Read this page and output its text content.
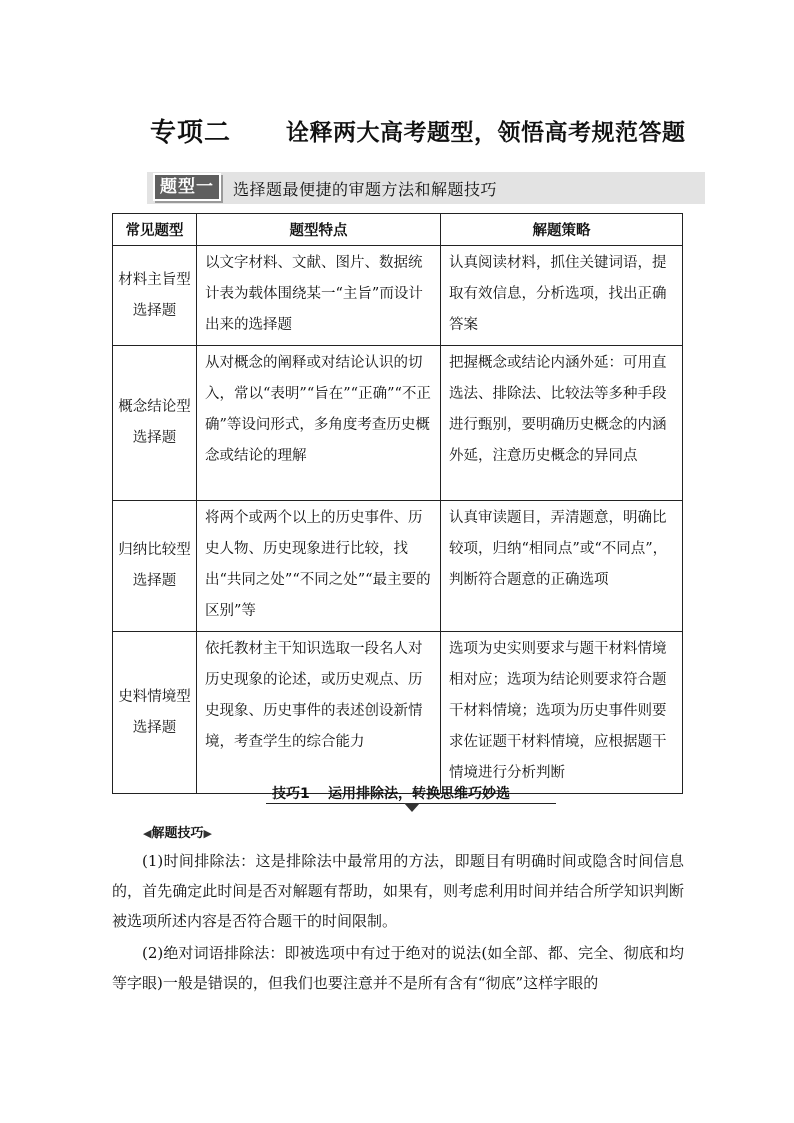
专项二 诠释两大高考题型，领悟高考规范答题
题型一	选择题最便捷的审题方法和解题技巧
常见题型	题型特点	解题策略
材料主旨型选择题	以文字材料、文献、图片、数据统计表为载体围绕某一“主旨”而设计出来的选择题	认真阅读材料，抓住关键词语，提取有效信息，分析选项，找出正确答案
概念结论型选择题	从对概念的阐释或对结论认识的切入，常以“表明”“旨在”“正确”“不正确”等设问形式，多角度考查历史概念或结论的理解	把握概念或结论内涵外延：可用直选法、排除法、比较法等多种手段进行甄别，要明确历史概念的内涵外延，注意历史概念的异同点
归纳比较型选择题	将两个或两个以上的历史事件、历史人物、历史现象进行比较，找出“共同之处”“不同之处”“最主要的区别”等	认真审读题目，弄清题意，明确比较项，归纳“相同点”或“不同点”，判断符合题意的正确选项
史料情境型选择题	依托教材主干知识选取一段名人对历史现象的论述，或历史观点、历史现象、历史事件的表述创设新情境，考查学生的综合能力	选项为史实则要求与题干材料情境相对应；选项为结论则要求符合题干材料情境；选项为历史事件则要求佐证题干材料情境，应根据题干情境进行分析判断
技巧1 运用排除法，转换思维巧妙选
◀解题技巧▶
(1)时间排除法：这是排除法中最常用的方法，即题目有明确时间或隐含时间信息的，首先确定此时间是否对解题有帮助，如果有，则考虑利用时间并结合所学知识判断被选项所述内容是否符合题干的时间限制。
(2)绝对词语排除法：即被选项中有过于绝对的说法(如全部、都、完全、彻底和均等字眼)一般是错误的，但我们也要注意并不是所有含有“彻底”这样字眼的
